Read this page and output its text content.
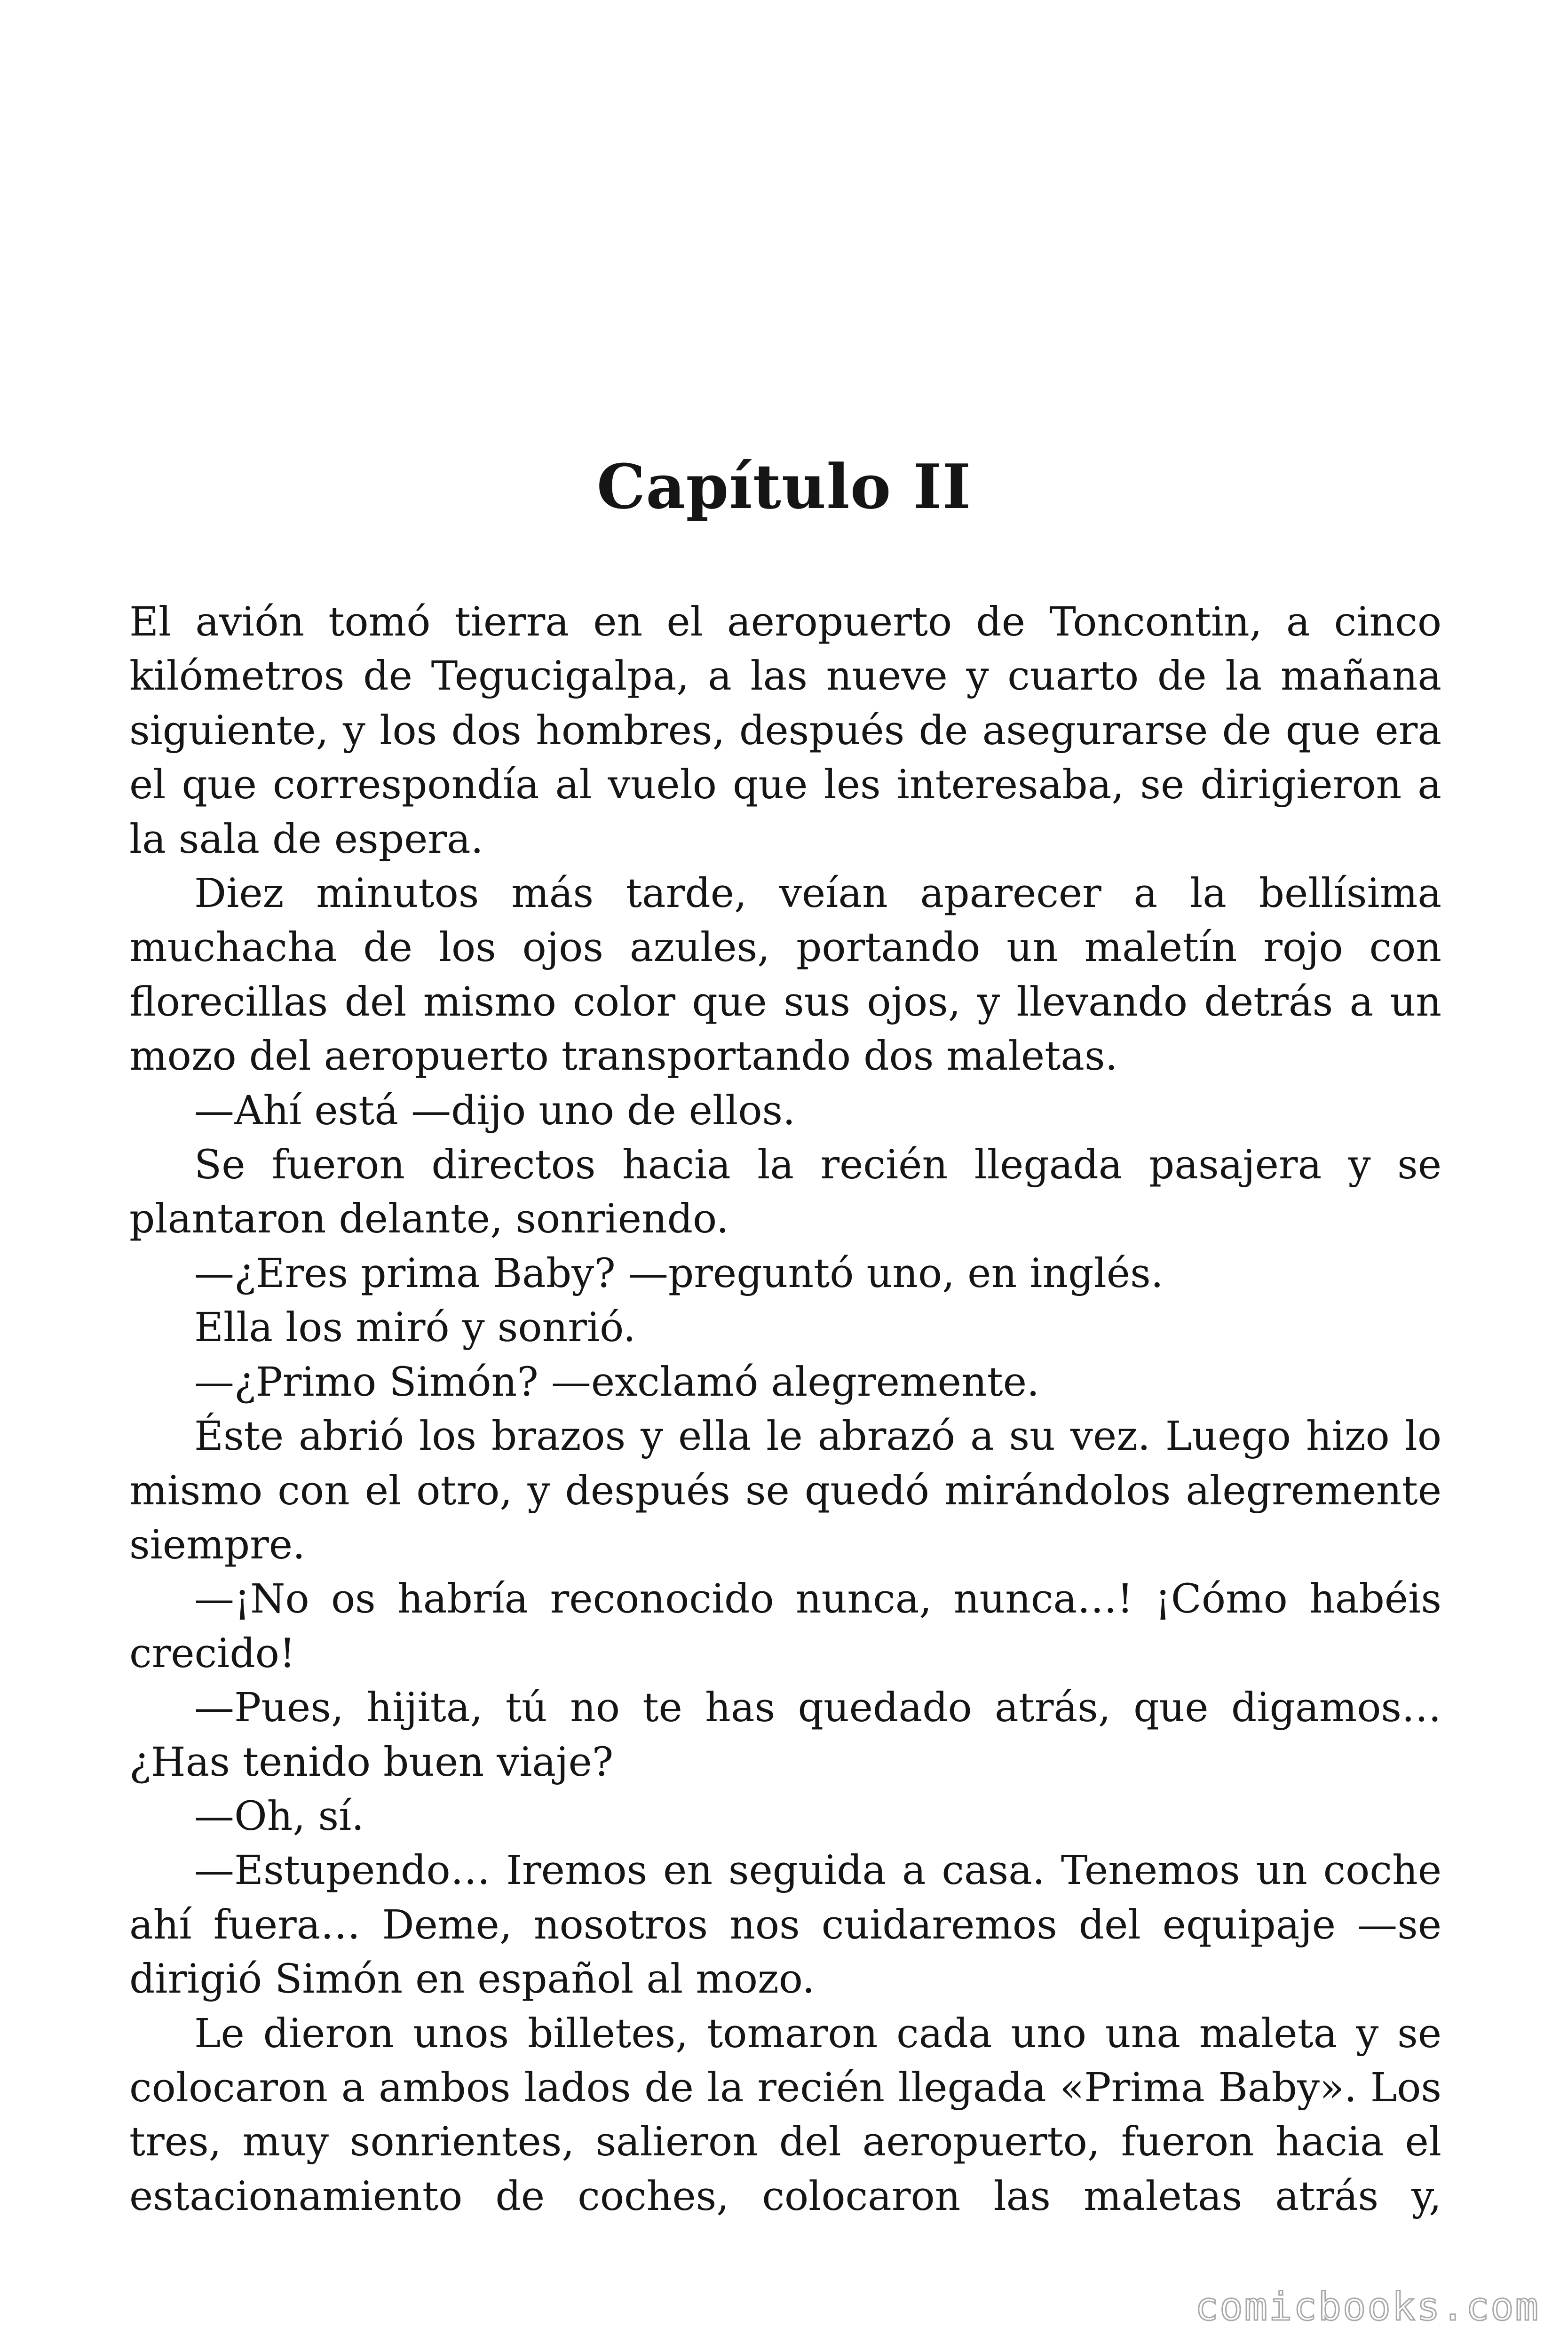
Capítulo II

El avión tomó tierra en el aeropuerto de Toncontin, a cinco kilómetros de Tegucigalpa, a las nueve y cuarto de la mañana siguiente, y los dos hombres, después de asegurarse de que era el que correspondía al vuelo que les interesaba, se dirigieron a la sala de espera.

Diez minutos más tarde, veían aparecer a la bellísima muchacha de los ojos azules, portando un maletín rojo con florecillas del mismo color que sus ojos, y llevando detrás a un mozo del aeropuerto transportando dos maletas.

—Ahí está —dijo uno de ellos.

Se fueron directos hacia la recién llegada pasajera y se plantaron delante, sonriendo.

—¿Eres prima Baby? —preguntó uno, en inglés.

Ella los miró y sonrió.

—¿Primo Simón? —exclamó alegremente.

Éste abrió los brazos y ella le abrazó a su vez. Luego hizo lo mismo con el otro, y después se quedó mirándolos alegremente siempre.

—¡No os habría reconocido nunca, nunca…! ¡Cómo habéis crecido!

—Pues, hijita, tú no te has quedado atrás, que digamos… ¿Has tenido buen viaje?

—Oh, sí.

—Estupendo… Iremos en seguida a casa. Tenemos un coche ahí fuera… Deme, nosotros nos cuidaremos del equipaje —se dirigió Simón en español al mozo.

Le dieron unos billetes, tomaron cada uno una maleta y se colocaron a ambos lados de la recién llegada «Prima Baby». Los tres, muy sonrientes, salieron del aeropuerto, fueron hacia el estacionamiento de coches, colocaron las maletas atrás y,

comicbooks.com
